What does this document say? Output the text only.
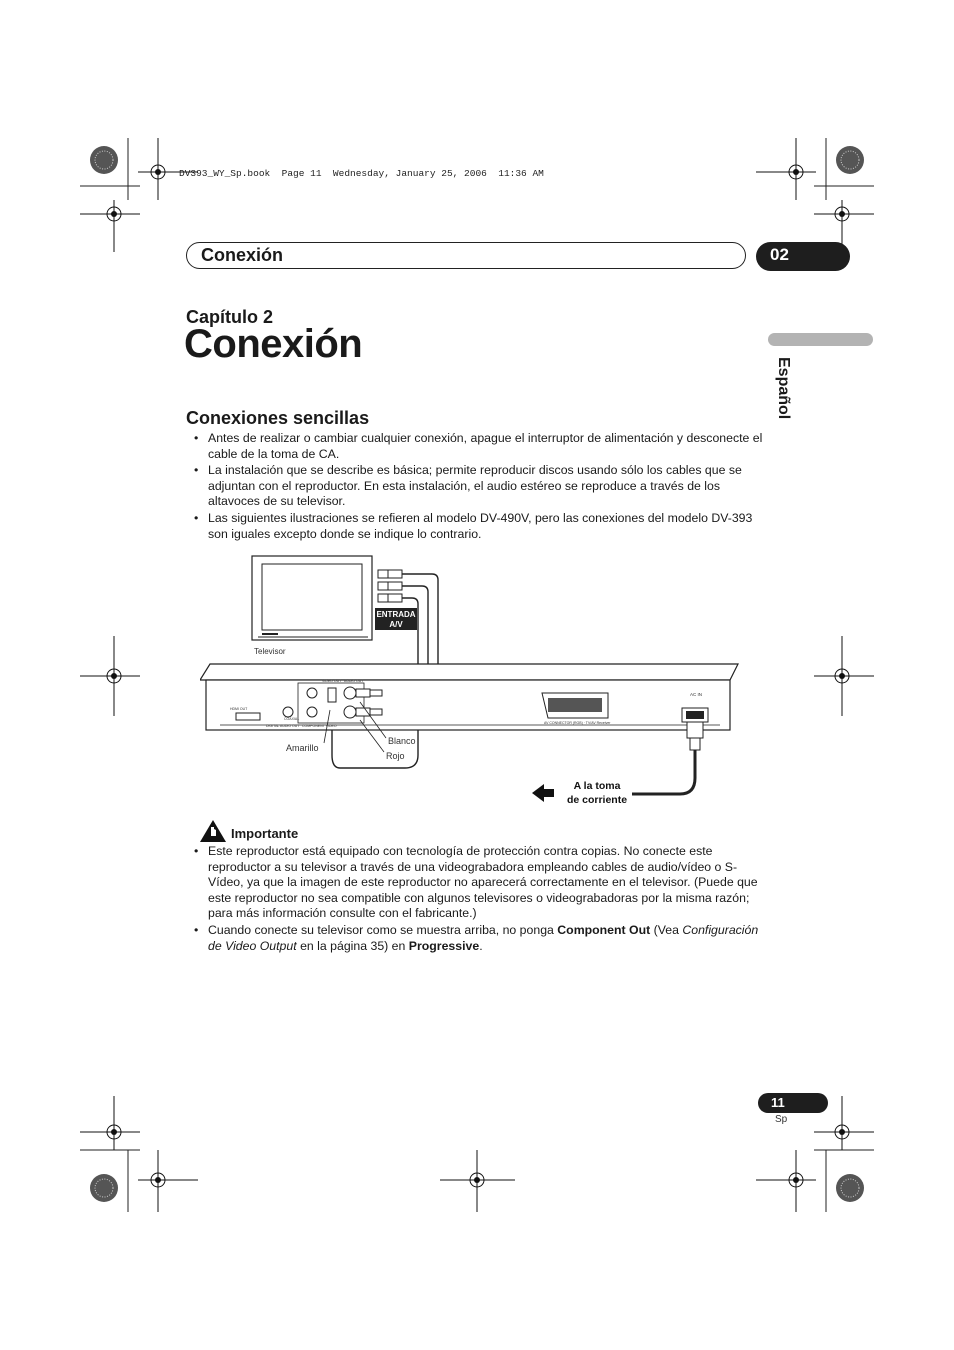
DV393_WY_Sp.book  Page 11  Wednesday, January 25, 2006  11:36 AM
Conexión	02
Español
Capítulo 2
Conexión
Conexiones sencillas
• Antes de realizar o cambiar cualquier conexión, apague el interruptor de alimentación y desconecte el cable de la toma de CA.
• La instalación que se describe es básica; permite reproducir discos usando sólo los cables que se adjuntan con el reproductor. En esta instalación, el audio estéreo se reproduce a través de los altavoces de su televisor.
• Las siguientes ilustraciones se refieren al modelo DV-490V, pero las conexiones del modelo DV-393 son iguales excepto donde se indique lo contrario.
Televisor
ENTRADA
A/V
HDMI OUT
DIGITAL AUDIO OUT
COAXIAL
VIDEO OUT AUDIO OUT
COMPONENT VIDEO
AV CONNECTOR (RGB) · TV/AV Receiver
AC IN
Amarillo
Blanco
Rojo
A la toma
de corriente
Importante
• Este reproductor está equipado con tecnología de protección contra copias. No conecte este reproductor a su televisor a través de una videograbadora empleando cables de audio/vídeo o S-Vídeo, ya que la imagen de este reproductor no aparecerá correctamente en el televisor. (Puede que este reproductor no sea compatible con algunos televisores o videograbadoras por la misma razón; para más información consulte con el fabricante.)
• Cuando conecte su televisor como se muestra arriba, no ponga Component Out (Vea Configuración de Video Output en la página 35) en Progressive.
11
Sp
